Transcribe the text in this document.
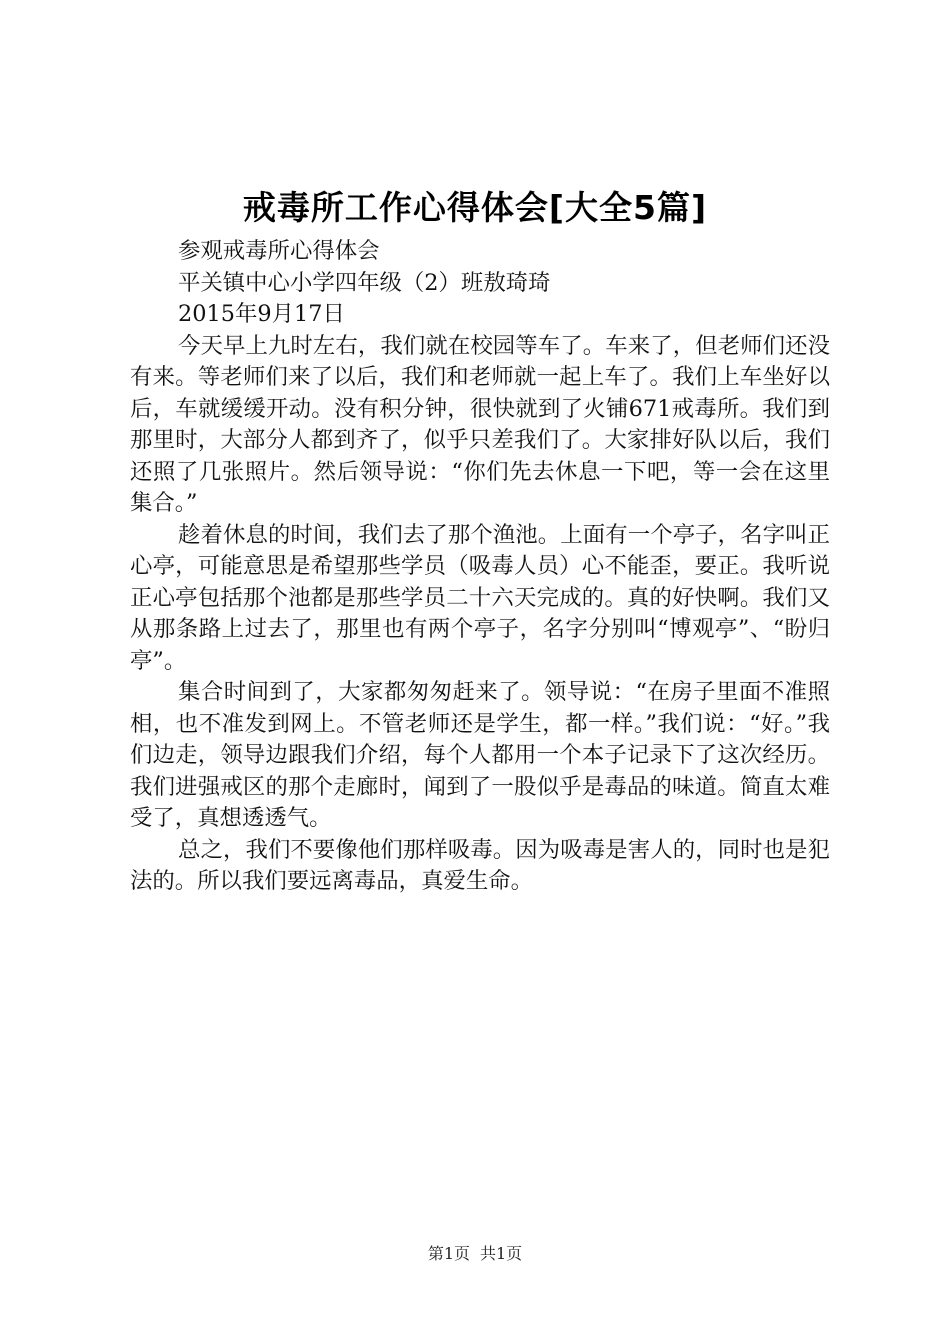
戒毒所工作心得体会[大全5篇]

参观戒毒所心得体会

平关镇中心小学四年级（2）班敖琦琦

2015年9月17日

今天早上九时左右，我们就在校园等车了。车来了，但老师们还没有来。等老师们来了以后，我们和老师就一起上车了。我们上车坐好以后，车就缓缓开动。没有积分钟，很快就到了火铺671戒毒所。我们到那里时，大部分人都到齐了，似乎只差我们了。大家排好队以后，我们还照了几张照片。然后领导说：“你们先去休息一下吧，等一会在这里集合。”

趁着休息的时间，我们去了那个渔池。上面有一个亭子，名字叫正心亭，可能意思是希望那些学员（吸毒人员）心不能歪，要正。我听说正心亭包括那个池都是那些学员二十六天完成的。真的好快啊。我们又从那条路上过去了，那里也有两个亭子，名字分别叫“博观亭”、“盼归亭”。

集合时间到了，大家都匆匆赶来了。领导说：“在房子里面不准照相，也不准发到网上。不管老师还是学生，都一样。”我们说：“好。”我们边走，领导边跟我们介绍，每个人都用一个本子记录下了这次经历。我们进强戒区的那个走廊时，闻到了一股似乎是毒品的味道。简直太难受了，真想透透气。

总之，我们不要像他们那样吸毒。因为吸毒是害人的，同时也是犯法的。所以我们要远离毒品，真爱生命。

第1页 共1页
